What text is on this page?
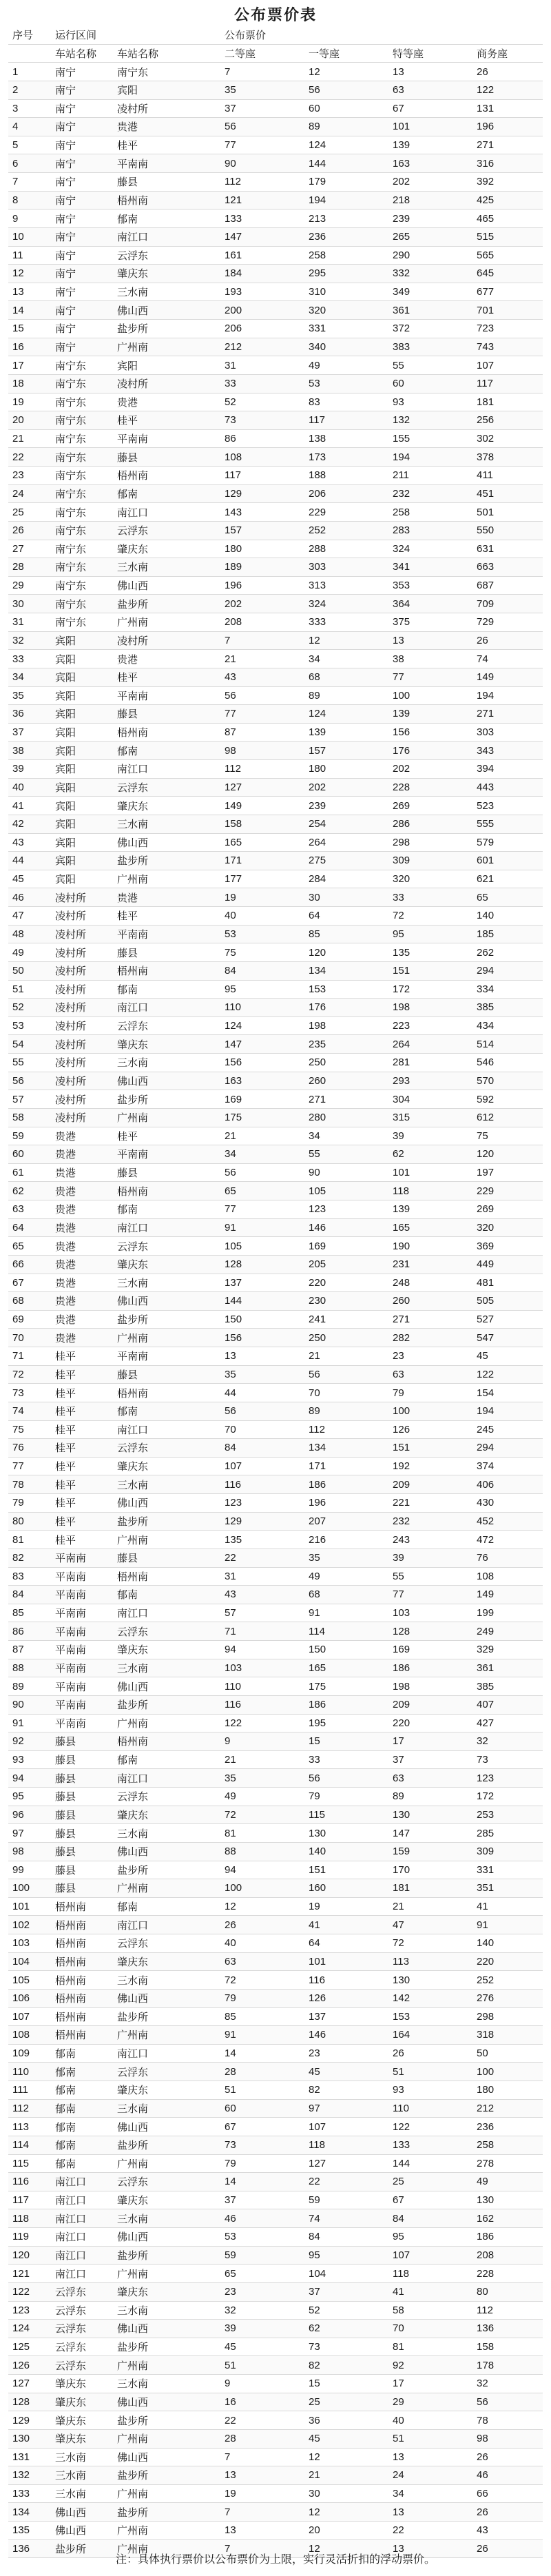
公布票价表
序号	运行区间		公布票价			
	车站名称	车站名称	二等座	一等座	特等座	商务座
1	南宁	南宁东	7	12	13	26
2	南宁	宾阳	35	56	63	122
3	南宁	凌村所	37	60	67	131
4	南宁	贵港	56	89	101	196
5	南宁	桂平	77	124	139	271
6	南宁	平南南	90	144	163	316
7	南宁	藤县	112	179	202	392
8	南宁	梧州南	121	194	218	425
9	南宁	郁南	133	213	239	465
10	南宁	南江口	147	236	265	515
11	南宁	云浮东	161	258	290	565
12	南宁	肇庆东	184	295	332	645
13	南宁	三水南	193	310	349	677
14	南宁	佛山西	200	320	361	701
15	南宁	盐步所	206	331	372	723
16	南宁	广州南	212	340	383	743
17	南宁东	宾阳	31	49	55	107
18	南宁东	凌村所	33	53	60	117
19	南宁东	贵港	52	83	93	181
20	南宁东	桂平	73	117	132	256
21	南宁东	平南南	86	138	155	302
22	南宁东	藤县	108	173	194	378
23	南宁东	梧州南	117	188	211	411
24	南宁东	郁南	129	206	232	451
25	南宁东	南江口	143	229	258	501
26	南宁东	云浮东	157	252	283	550
27	南宁东	肇庆东	180	288	324	631
28	南宁东	三水南	189	303	341	663
29	南宁东	佛山西	196	313	353	687
30	南宁东	盐步所	202	324	364	709
31	南宁东	广州南	208	333	375	729
32	宾阳	凌村所	7	12	13	26
33	宾阳	贵港	21	34	38	74
34	宾阳	桂平	43	68	77	149
35	宾阳	平南南	56	89	100	194
36	宾阳	藤县	77	124	139	271
37	宾阳	梧州南	87	139	156	303
38	宾阳	郁南	98	157	176	343
39	宾阳	南江口	112	180	202	394
40	宾阳	云浮东	127	202	228	443
41	宾阳	肇庆东	149	239	269	523
42	宾阳	三水南	158	254	286	555
43	宾阳	佛山西	165	264	298	579
44	宾阳	盐步所	171	275	309	601
45	宾阳	广州南	177	284	320	621
46	凌村所	贵港	19	30	33	65
47	凌村所	桂平	40	64	72	140
48	凌村所	平南南	53	85	95	185
49	凌村所	藤县	75	120	135	262
50	凌村所	梧州南	84	134	151	294
51	凌村所	郁南	95	153	172	334
52	凌村所	南江口	110	176	198	385
53	凌村所	云浮东	124	198	223	434
54	凌村所	肇庆东	147	235	264	514
55	凌村所	三水南	156	250	281	546
56	凌村所	佛山西	163	260	293	570
57	凌村所	盐步所	169	271	304	592
58	凌村所	广州南	175	280	315	612
59	贵港	桂平	21	34	39	75
60	贵港	平南南	34	55	62	120
61	贵港	藤县	56	90	101	197
62	贵港	梧州南	65	105	118	229
63	贵港	郁南	77	123	139	269
64	贵港	南江口	91	146	165	320
65	贵港	云浮东	105	169	190	369
66	贵港	肇庆东	128	205	231	449
67	贵港	三水南	137	220	248	481
68	贵港	佛山西	144	230	260	505
69	贵港	盐步所	150	241	271	527
70	贵港	广州南	156	250	282	547
71	桂平	平南南	13	21	23	45
72	桂平	藤县	35	56	63	122
73	桂平	梧州南	44	70	79	154
74	桂平	郁南	56	89	100	194
75	桂平	南江口	70	112	126	245
76	桂平	云浮东	84	134	151	294
77	桂平	肇庆东	107	171	192	374
78	桂平	三水南	116	186	209	406
79	桂平	佛山西	123	196	221	430
80	桂平	盐步所	129	207	232	452
81	桂平	广州南	135	216	243	472
82	平南南	藤县	22	35	39	76
83	平南南	梧州南	31	49	55	108
84	平南南	郁南	43	68	77	149
85	平南南	南江口	57	91	103	199
86	平南南	云浮东	71	114	128	249
87	平南南	肇庆东	94	150	169	329
88	平南南	三水南	103	165	186	361
89	平南南	佛山西	110	175	198	385
90	平南南	盐步所	116	186	209	407
91	平南南	广州南	122	195	220	427
92	藤县	梧州南	9	15	17	32
93	藤县	郁南	21	33	37	73
94	藤县	南江口	35	56	63	123
95	藤县	云浮东	49	79	89	172
96	藤县	肇庆东	72	115	130	253
97	藤县	三水南	81	130	147	285
98	藤县	佛山西	88	140	159	309
99	藤县	盐步所	94	151	170	331
100	藤县	广州南	100	160	181	351
101	梧州南	郁南	12	19	21	41
102	梧州南	南江口	26	41	47	91
103	梧州南	云浮东	40	64	72	140
104	梧州南	肇庆东	63	101	113	220
105	梧州南	三水南	72	116	130	252
106	梧州南	佛山西	79	126	142	276
107	梧州南	盐步所	85	137	153	298
108	梧州南	广州南	91	146	164	318
109	郁南	南江口	14	23	26	50
110	郁南	云浮东	28	45	51	100
111	郁南	肇庆东	51	82	93	180
112	郁南	三水南	60	97	110	212
113	郁南	佛山西	67	107	122	236
114	郁南	盐步所	73	118	133	258
115	郁南	广州南	79	127	144	278
116	南江口	云浮东	14	22	25	49
117	南江口	肇庆东	37	59	67	130
118	南江口	三水南	46	74	84	162
119	南江口	佛山西	53	84	95	186
120	南江口	盐步所	59	95	107	208
121	南江口	广州南	65	104	118	228
122	云浮东	肇庆东	23	37	41	80
123	云浮东	三水南	32	52	58	112
124	云浮东	佛山西	39	62	70	136
125	云浮东	盐步所	45	73	81	158
126	云浮东	广州南	51	82	92	178
127	肇庆东	三水南	9	15	17	32
128	肇庆东	佛山西	16	25	29	56
129	肇庆东	盐步所	22	36	40	78
130	肇庆东	广州南	28	45	51	98
131	三水南	佛山西	7	12	13	26
132	三水南	盐步所	13	21	24	46
133	三水南	广州南	19	30	34	66
134	佛山西	盐步所	7	12	13	26
135	佛山西	广州南	13	20	22	43
136	盐步所	广州南	7	12	13	26
注：具体执行票价以公布票价为上限，实行灵活折扣的浮动票价。
